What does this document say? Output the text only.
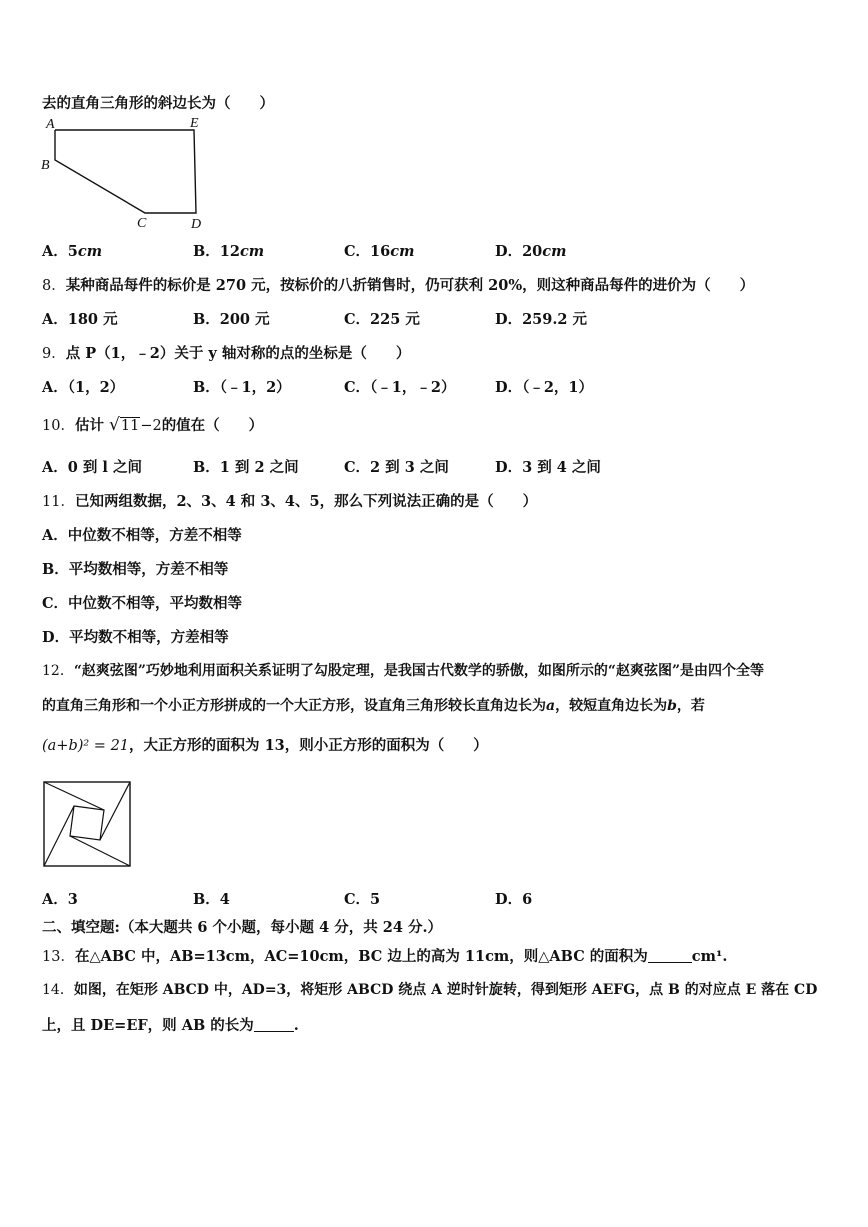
去的直角三角形的斜边长为（　　）
A	E
B
C	D
A．5cm	B．12cm	C．16cm	D．20cm
8．某种商品每件的标价是 270 元，按标价的八折销售时，仍可获利 20%，则这种商品每件的进价为（　　）
A．180 元	B．200 元	C．225 元	D．259.2 元
9．点 P（1，﹣2）关于 y 轴对称的点的坐标是（　　）
A．（1，2）	B．（﹣1，2）	C．（﹣1，﹣2）	D．（﹣2，1）
10．估计 √11−2的值在（　　）
A．0 到 l 之间	B．1 到 2 之间	C．2 到 3 之间	D．3 到 4 之间
11．已知两组数据，2、3、4 和 3、4、5，那么下列说法正确的是（　　）
A．中位数不相等，方差不相等
B．平均数相等，方差不相等
C．中位数不相等，平均数相等
D．平均数不相等，方差相等
12．“赵爽弦图”巧妙地利用面积关系证明了勾股定理，是我国古代数学的骄傲，如图所示的“赵爽弦图”是由四个全等
的直角三角形和一个小正方形拼成的一个大正方形，设直角三角形较长直角边长为a，较短直角边长为b，若
(a+b)² = 21，大正方形的面积为 13，则小正方形的面积为（　　）
A．3	B．4	C．5	D．6
二、填空题:（本大题共 6 个小题，每小题 4 分，共 24 分.）
13．在△ABC 中，AB=13cm，AC=10cm，BC 边上的高为 11cm，则△ABC 的面积为	cm¹.
14．如图，在矩形 ABCD 中，AD=3，将矩形 ABCD 绕点 A 逆时针旋转，得到矩形 AEFG，点 B 的对应点 E 落在 CD
上，且 DE=EF，则 AB 的长为	.
